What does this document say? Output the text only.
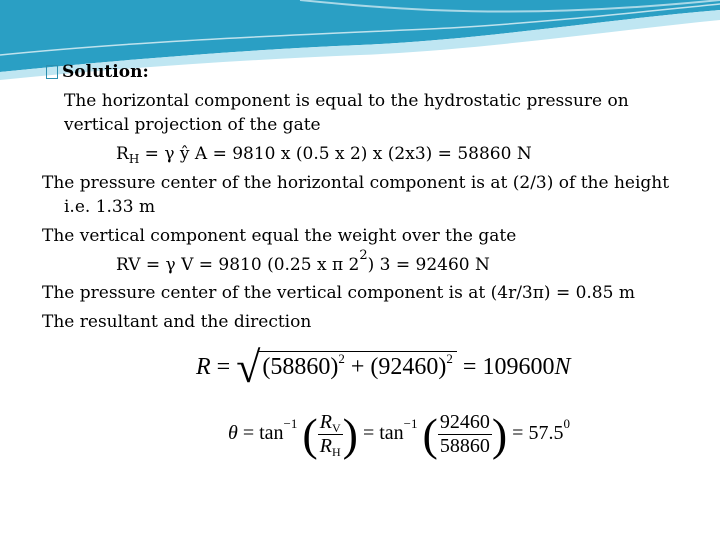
Solution:
The horizontal component is equal to the hydrostatic pressure on
vertical projection of the gate
$R_H = \gamma$ ŷ A = 9810 x (0.5 x 2) x (2x3) = 58860 N
The pressure center of the horizontal component is at (2/3) of the height
i.e. 1.33 m
The vertical component equal the weight over the gate
RV = γ V = 9810 (0.25 x π $2^2$) 3 = 92460 N
The pressure center of the vertical component is at (4r/3π) = 0.85 m
The resultant and the direction
$R = √(58860)^2 + (92460)^2 = 109600N$
$\theta = \tan^{-1}$ ( $\frac{R_V}{R_H}$ ) = $\tan^{-1}$ ( $\frac{92460}{58860}$ ) = $57.5^0$
